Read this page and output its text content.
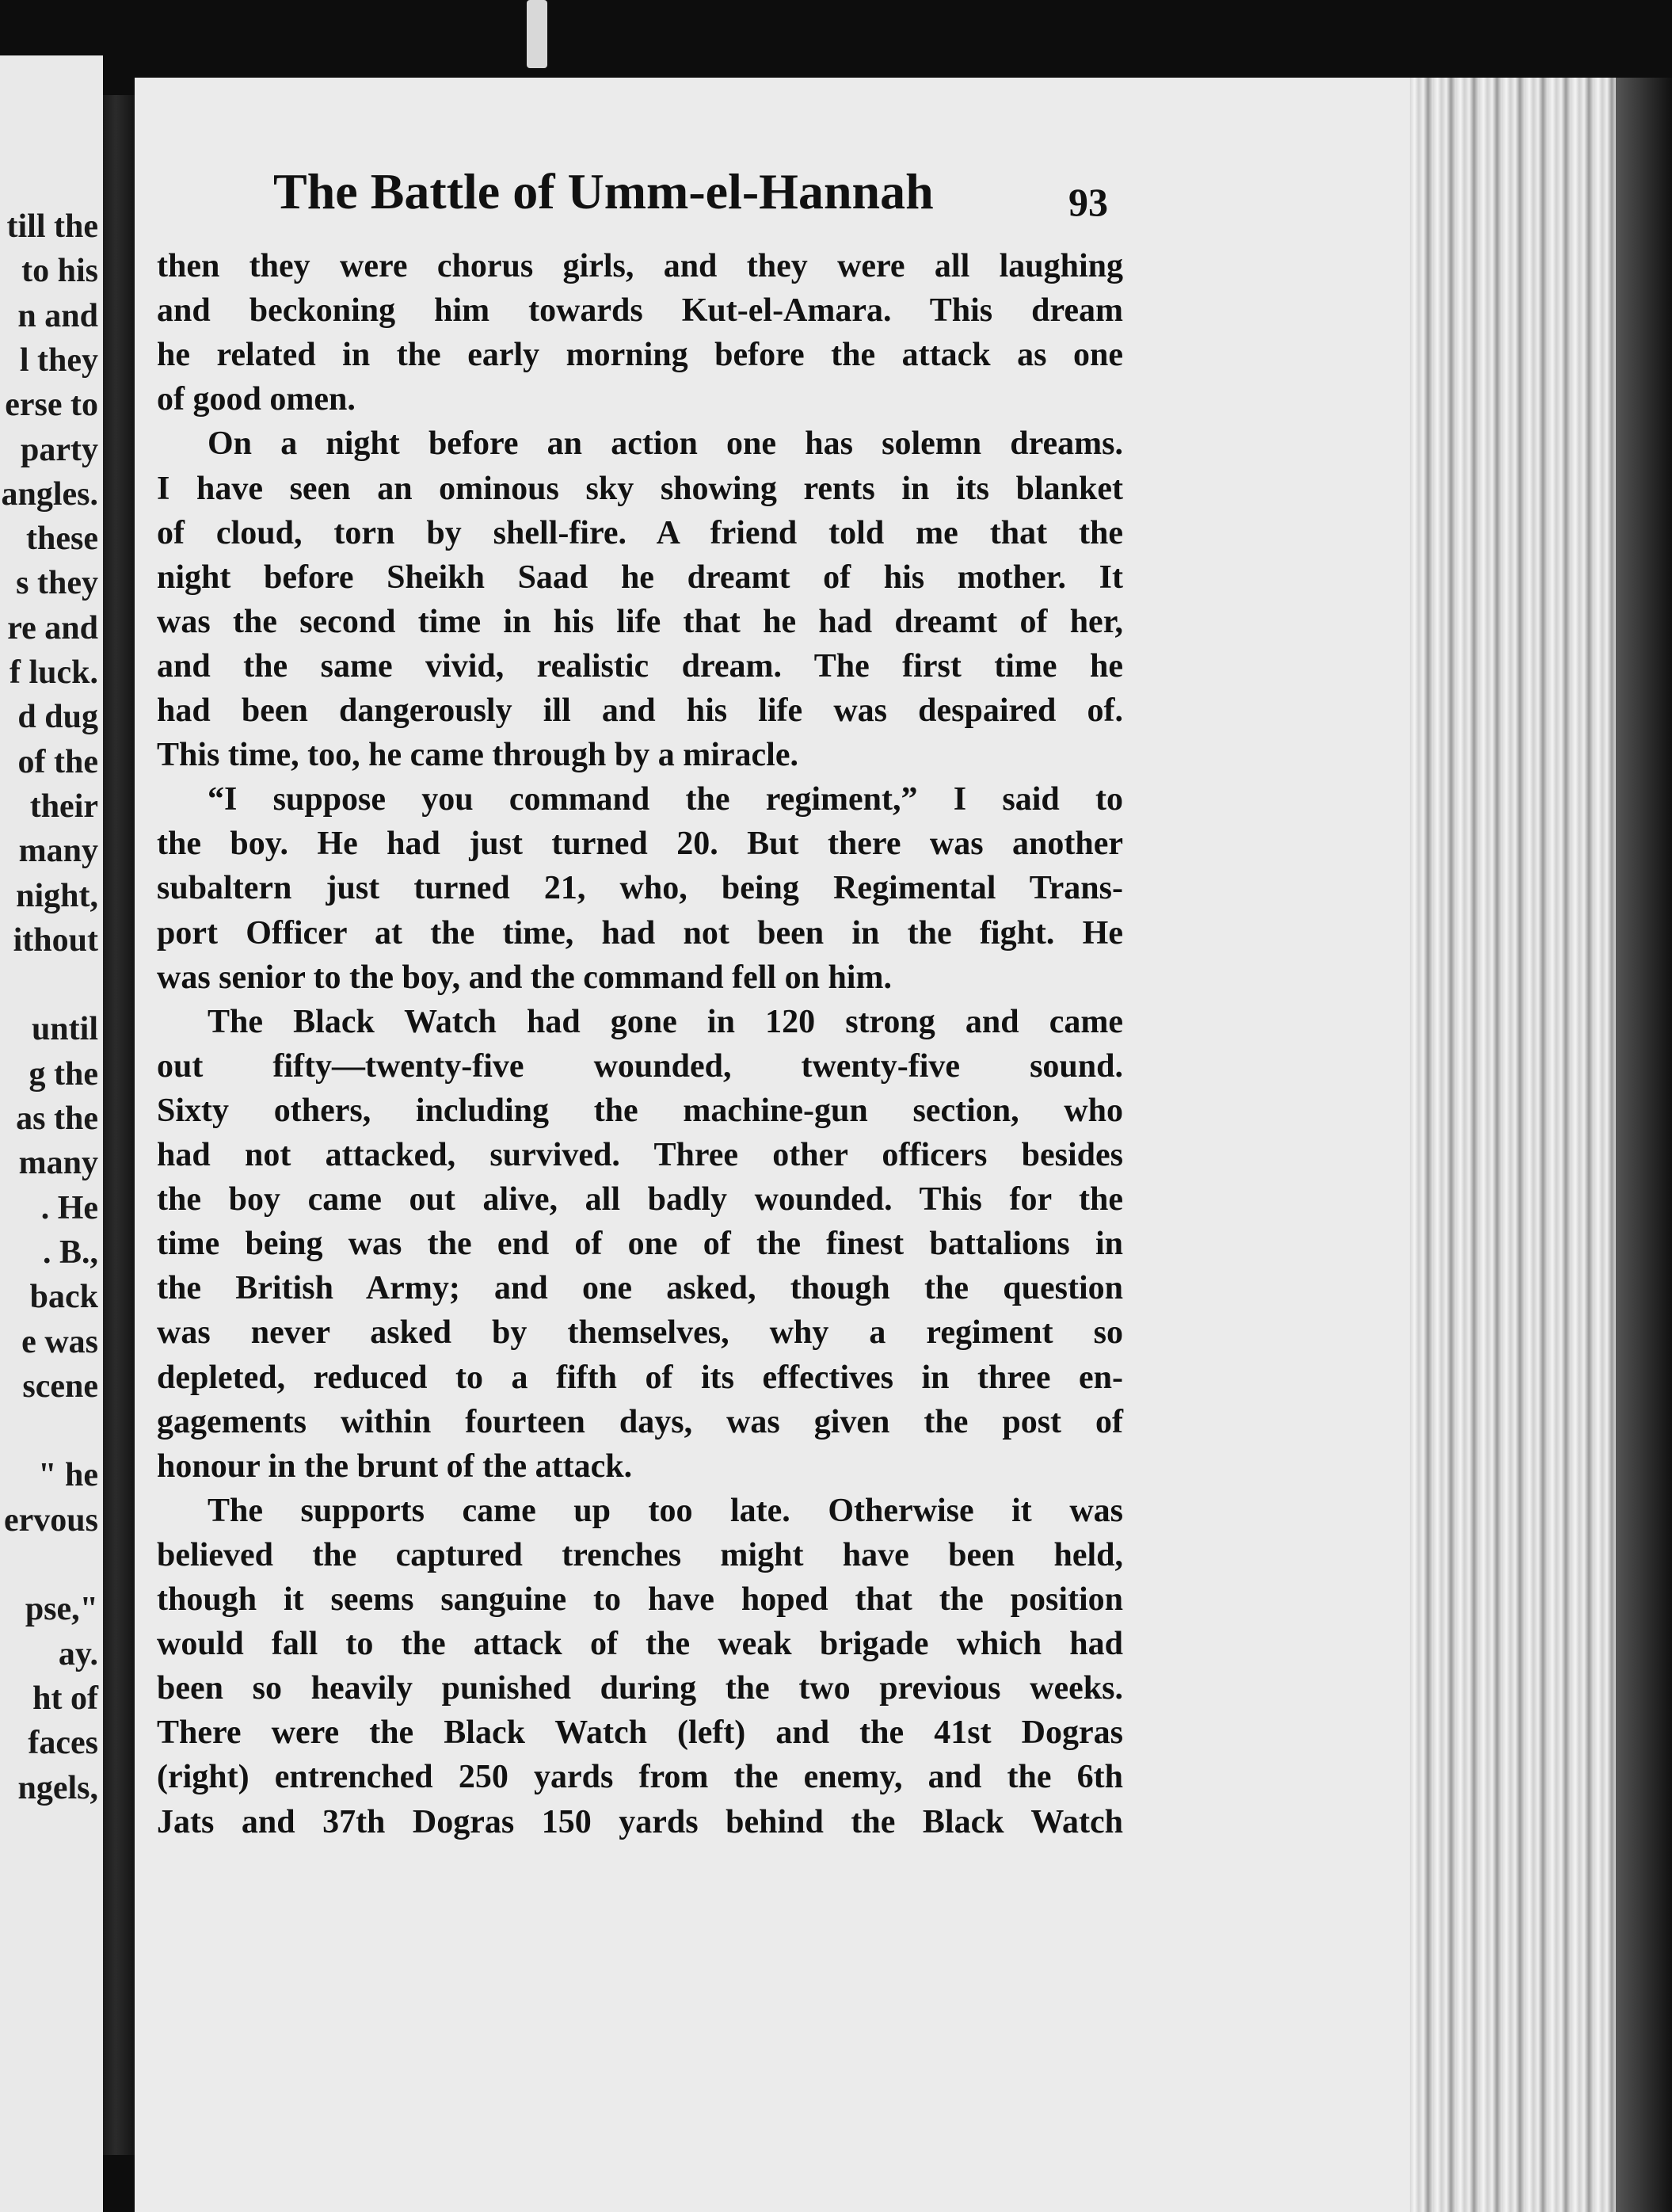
till the
to his
n and
l they
erse to
party
angles.
these
s they
re and
f luck.
d dug
of the
their
many
night,
ithout
until
g the
as the
many
. He
. B.,
back
e was
scene
" he
ervous
pse,"
ay.
ht of
faces
ngels,
The Battle of Umm-el-Hannah	93
then they were chorus girls, and they were all laughing
and beckoning him towards Kut-el-Amara. This dream
he related in the early morning before the attack as one
of good omen.
On a night before an action one has solemn dreams.
I have seen an ominous sky showing rents in its blanket
of cloud, torn by shell-fire. A friend told me that the
night before Sheikh Saad he dreamt of his mother. It
was the second time in his life that he had dreamt of her,
and the same vivid, realistic dream. The first time he
had been dangerously ill and his life was despaired of.
This time, too, he came through by a miracle.
“I suppose you command the regiment,” I said to
the boy. He had just turned 20. But there was another
subaltern just turned 21, who, being Regimental Trans-
port Officer at the time, had not been in the fight. He
was senior to the boy, and the command fell on him.
The Black Watch had gone in 120 strong and came
out fifty—twenty-five wounded, twenty-five sound.
Sixty others, including the machine-gun section, who
had not attacked, survived. Three other officers besides
the boy came out alive, all badly wounded. This for the
time being was the end of one of the finest battalions in
the British Army; and one asked, though the question
was never asked by themselves, why a regiment so
depleted, reduced to a fifth of its effectives in three en-
gagements within fourteen days, was given the post of
honour in the brunt of the attack.
The supports came up too late. Otherwise it was
believed the captured trenches might have been held,
though it seems sanguine to have hoped that the position
would fall to the attack of the weak brigade which had
been so heavily punished during the two previous weeks.
There were the Black Watch (left) and the 41st Dogras
(right) entrenched 250 yards from the enemy, and the 6th
Jats and 37th Dogras 150 yards behind the Black Watch
